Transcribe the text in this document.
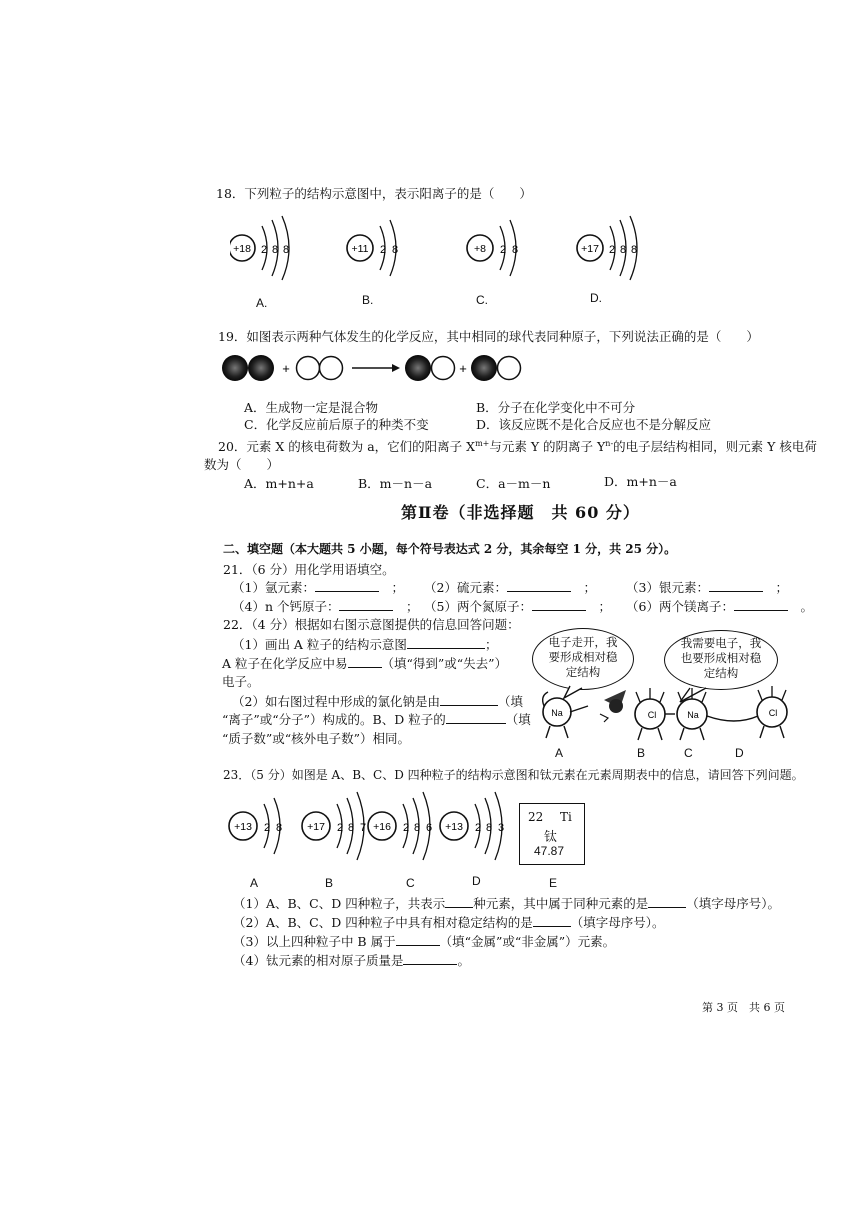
18．下列粒子的结构示意图中，表示阳离子的是（　　）
+18 2 8 8	+11 2 8	+8 2 8	+17 2 8 8
A.	B.	C.	D.
19．如图表示两种气体发生的化学反应，其中相同的球代表同种原子，下列说法正确的是（　　）
+	+
A．生成物一定是混合物	B．分子在化学变化中不可分
C．化学反应前后原子的种类不变	D．该反应既不是化合反应也不是分解反应
20．元素 X 的核电荷数为 a，它们的阳离子 $X^{m+}$与元素 Y 的阴离子 $Y^{n-}$的电子层结构相同，则元素 Y 核电荷
数为（　　）
A．m+n+a	B．m－n－a	C．a－m－n	D．m+n－a
第Ⅱ卷（非选择题　共 60 分）
二、填空题（本大题共 5 小题，每个符号表达式 2 分，其余每空 1 分，共 25 分）。
21．（6 分）用化学用语填空。
（1）氩元素：　	； （2）硫元素：　	； （3）银元素：　	；
（4）n 个钙原子：　	； （5）两个氮原子：　	； （6）两个镁离子：　	。
22．（4 分）根据如右图示意图提供的信息回答问题：
（1）画出 A 粒子的结构示意图	；
A 粒子在化学反应中易	（填“得到”或“失去”）
电子。
（2）如右图过程中形成的氯化钠是由	（填
“离子”或“分子”）构成的。B、D 粒子的	（填
“质子数”或“核外电子数”）相同。
电子走开，我
要形成相对稳
定结构
我需要电子，我
也要形成相对稳
定结构
Na	Cl	Na	Cl
A	B	C	D
23．（5 分）如图是 A、B、C、D 四种粒子的结构示意图和钛元素在元素周期表中的信息，请回答下列问题。
+13 2 8 +17 2 8 7 +16 2 8 6 +13 2 8 3
22 Ti
钛
47.87
A	B	C	D	E
（1）A、B、C、D 四种粒子，共表示 种元素，其中属于同种元素的是	（填字母序号）。
（2）A、B、C、D 四种粒子中具有相对稳定结构的是	（填字母序号）。
（3）以上四种粒子中 B 属于	（填“金属”或“非金属”）元素。
（4）钛元素的相对原子质量是	。
第 3 页　共 6 页
